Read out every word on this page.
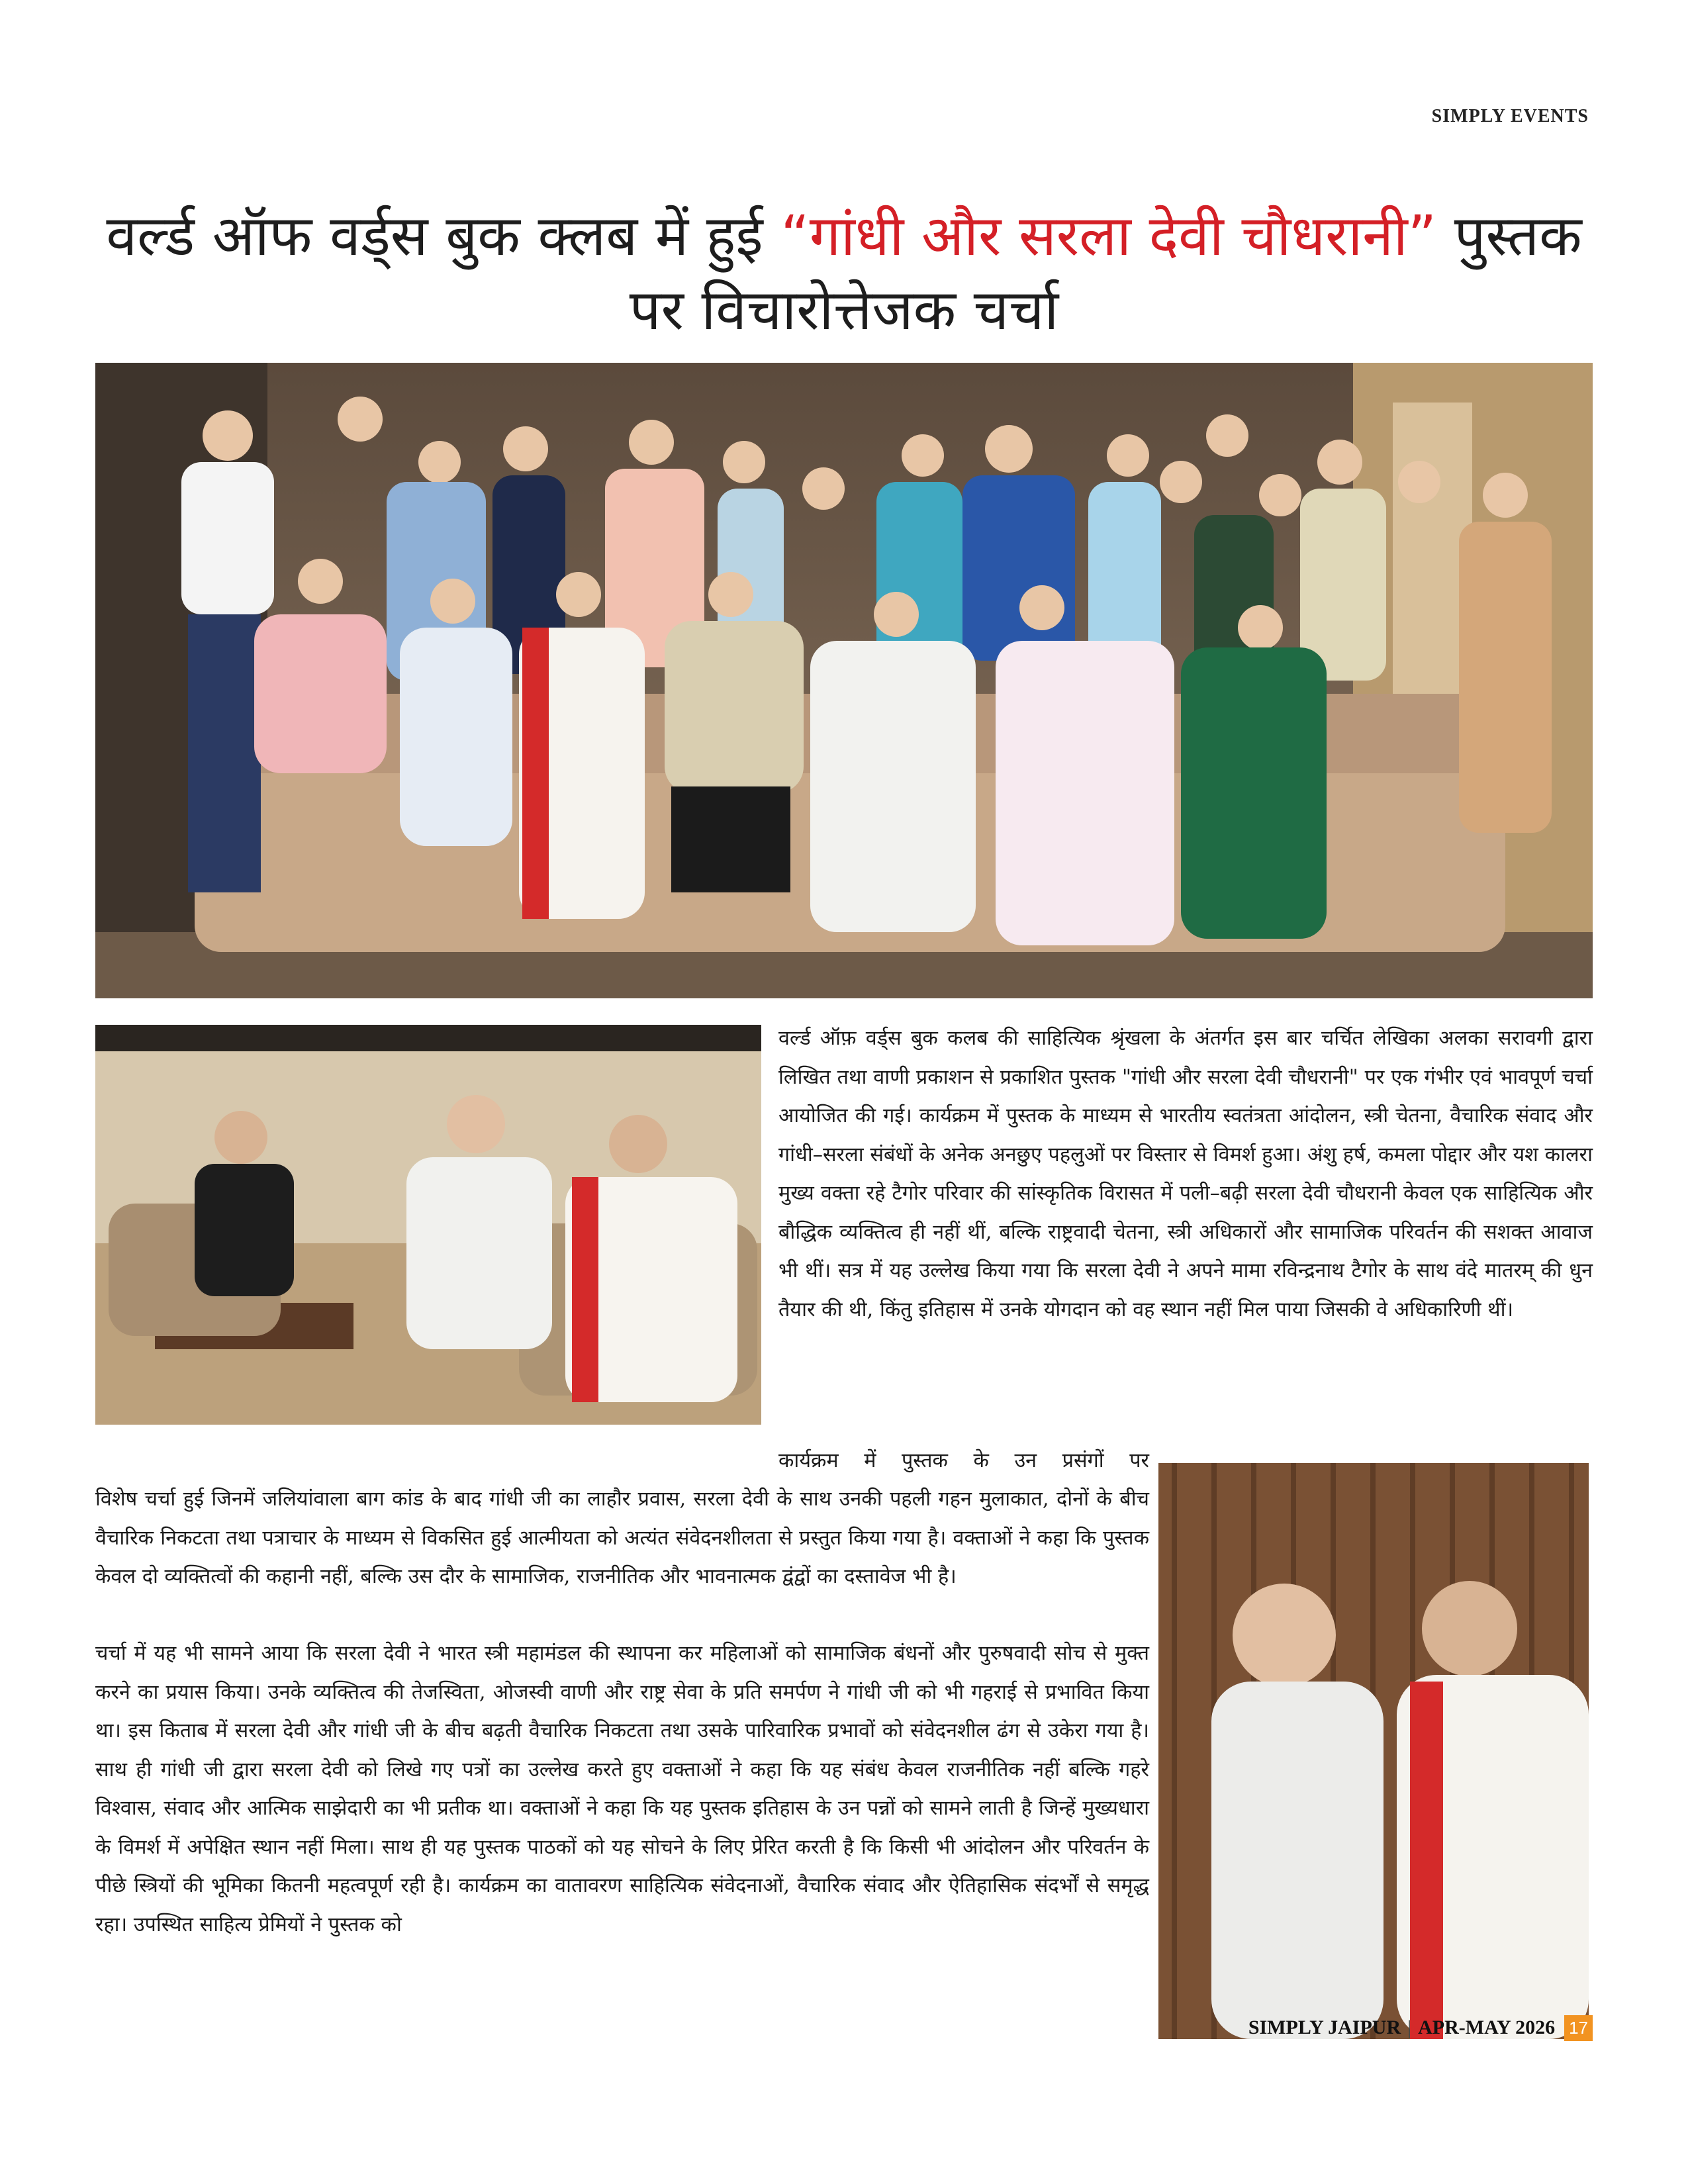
SIMPLY EVENTS
वर्ल्ड ऑफ वर्ड्स बुक क्लब में हुई “गांधी और सरला देवी चौधरानी” पुस्तक पर विचारोत्तेजक चर्चा

वर्ल्ड ऑफ़ वर्ड्स बुक कलब की साहित्यिक श्रृंखला के अंतर्गत इस बार चर्चित लेखिका अलका सरावगी द्वारा लिखित तथा वाणी प्रकाशन से प्रकाशित पुस्तक "गांधी और सरला देवी चौधरानी" पर एक गंभीर एवं भावपूर्ण चर्चा आयोजित की गई। कार्यक्रम में पुस्तक के माध्यम से भारतीय स्वतंत्रता आंदोलन, स्त्री चेतना, वैचारिक संवाद और गांधी–सरला संबंधों के अनेक अनछुए पहलुओं पर विस्तार से विमर्श हुआ। अंशु हर्ष, कमला पोद्दार और यश कालरा मुख्य वक्ता रहे टैगोर परिवार की सांस्कृतिक विरासत में पली–बढ़ी सरला देवी चौधरानी केवल एक साहित्यिक और बौद्धिक व्यक्तित्व ही नहीं थीं, बल्कि राष्ट्रवादी चेतना, स्त्री अधिकारों और सामाजिक परिवर्तन की सशक्त आवाज भी थीं। सत्र में यह उल्लेख किया गया कि सरला देवी ने अपने मामा रविन्द्रनाथ टैगोर के साथ वंदे मातरम् की धुन तैयार की थी, किंतु इतिहास में उनके योगदान को वह स्थान नहीं मिल पाया जिसकी वे अधिकारिणी थीं।

कार्यक्रम में पुस्तक के उन प्रसंगों पर

विशेष चर्चा हुई जिनमें जलियांवाला बाग कांड के बाद गांधी जी का लाहौर प्रवास, सरला देवी के साथ उनकी पहली गहन मुलाकात, दोनों के बीच वैचारिक निकटता तथा पत्राचार के माध्यम से विकसित हुई आत्मीयता को अत्यंत संवेदनशीलता से प्रस्तुत किया गया है। वक्ताओं ने कहा कि पुस्तक केवल दो व्यक्तित्वों की कहानी नहीं, बल्कि उस दौर के सामाजिक, राजनीतिक और भावनात्मक द्वंद्वों का दस्तावेज भी है।

चर्चा में यह भी सामने आया कि सरला देवी ने भारत स्त्री महामंडल की स्थापना कर महिलाओं को सामाजिक बंधनों और पुरुषवादी सोच से मुक्त करने का प्रयास किया। उनके व्यक्तित्व की तेजस्विता, ओजस्वी वाणी और राष्ट्र सेवा के प्रति समर्पण ने गांधी जी को भी गहराई से प्रभावित किया था। इस किताब में सरला देवी और गांधी जी के बीच बढ़ती वैचारिक निकटता तथा उसके पारिवारिक प्रभावों को संवेदनशील ढंग से उकेरा गया है। साथ ही गांधी जी द्वारा सरला देवी को लिखे गए पत्रों का उल्लेख करते हुए वक्ताओं ने कहा कि यह संबंध केवल राजनीतिक नहीं बल्कि गहरे विश्वास, संवाद और आत्मिक साझेदारी का भी प्रतीक था। वक्ताओं ने कहा कि यह पुस्तक इतिहास के उन पन्नों को सामने लाती है जिन्हें मुख्यधारा के विमर्श में अपेक्षित स्थान नहीं मिला। साथ ही यह पुस्तक पाठकों को यह सोचने के लिए प्रेरित करती है कि किसी भी आंदोलन और परिवर्तन के पीछे स्त्रियों की भूमिका कितनी महत्वपूर्ण रही है। कार्यक्रम का वातावरण साहित्यिक संवेदनाओं, वैचारिक संवाद और ऐतिहासिक संदर्भों से समृद्ध रहा। उपस्थित साहित्य प्रेमियों ने पुस्तक को

SIMPLY JAIPUR | APR-MAY 2026 17
